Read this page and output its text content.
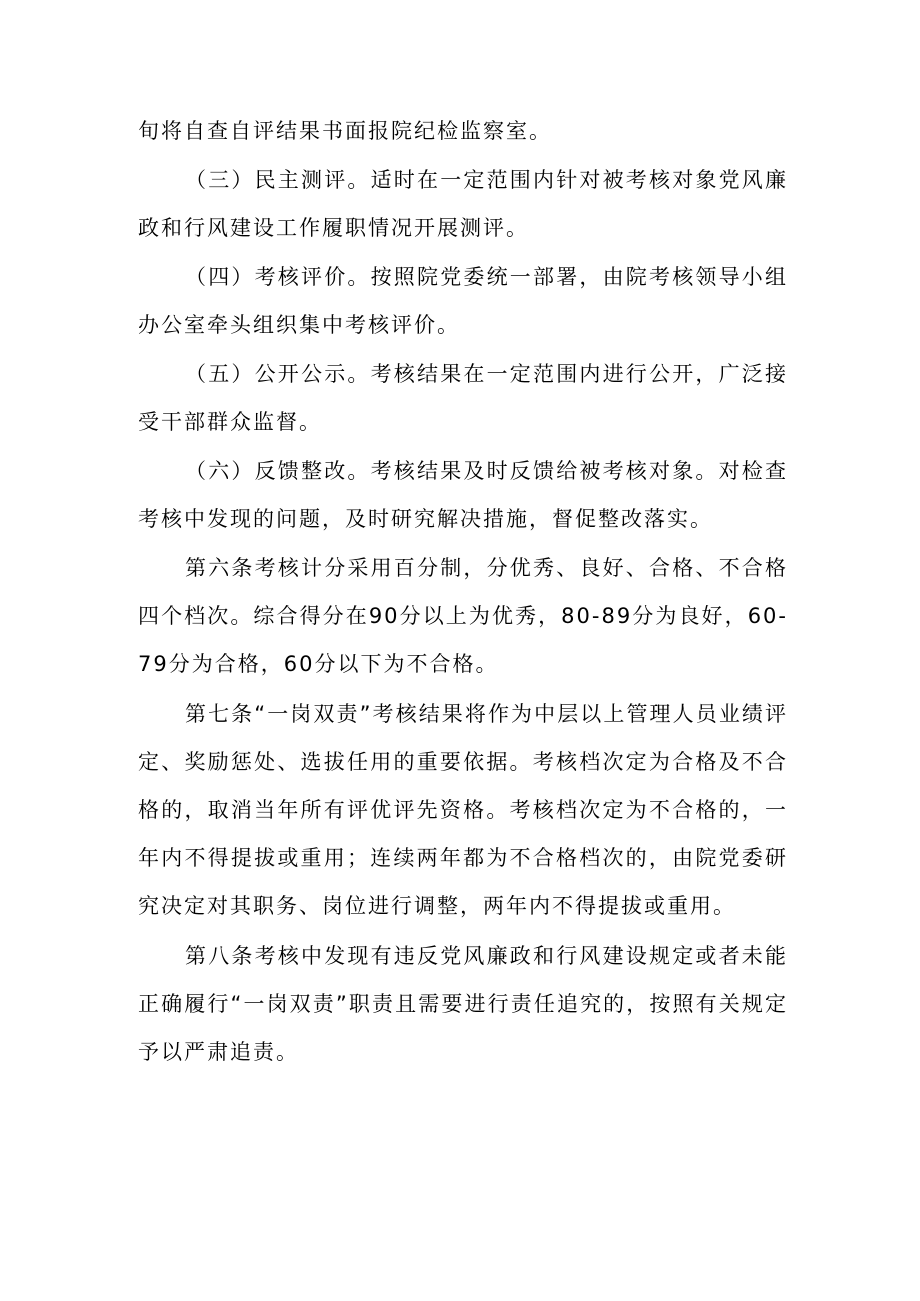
旬将自查自评结果书面报院纪检监察室。

（三）民主测评。适时在一定范围内针对被考核对象党风廉政和行风建设工作履职情况开展测评。

（四）考核评价。按照院党委统一部署，由院考核领导小组办公室牵头组织集中考核评价。

（五）公开公示。考核结果在一定范围内进行公开，广泛接受干部群众监督。

（六）反馈整改。考核结果及时反馈给被考核对象。对检查考核中发现的问题，及时研究解决措施，督促整改落实。

第六条考核计分采用百分制，分优秀、良好、合格、不合格四个档次。综合得分在90分以上为优秀，80-89分为良好，60-79分为合格，60分以下为不合格。

第七条“一岗双责”考核结果将作为中层以上管理人员业绩评定、奖励惩处、选拔任用的重要依据。考核档次定为合格及不合格的，取消当年所有评优评先资格。考核档次定为不合格的，一年内不得提拔或重用；连续两年都为不合格档次的，由院党委研究决定对其职务、岗位进行调整，两年内不得提拔或重用。

第八条考核中发现有违反党风廉政和行风建设规定或者未能正确履行“一岗双责”职责且需要进行责任追究的，按照有关规定予以严肃追责。
